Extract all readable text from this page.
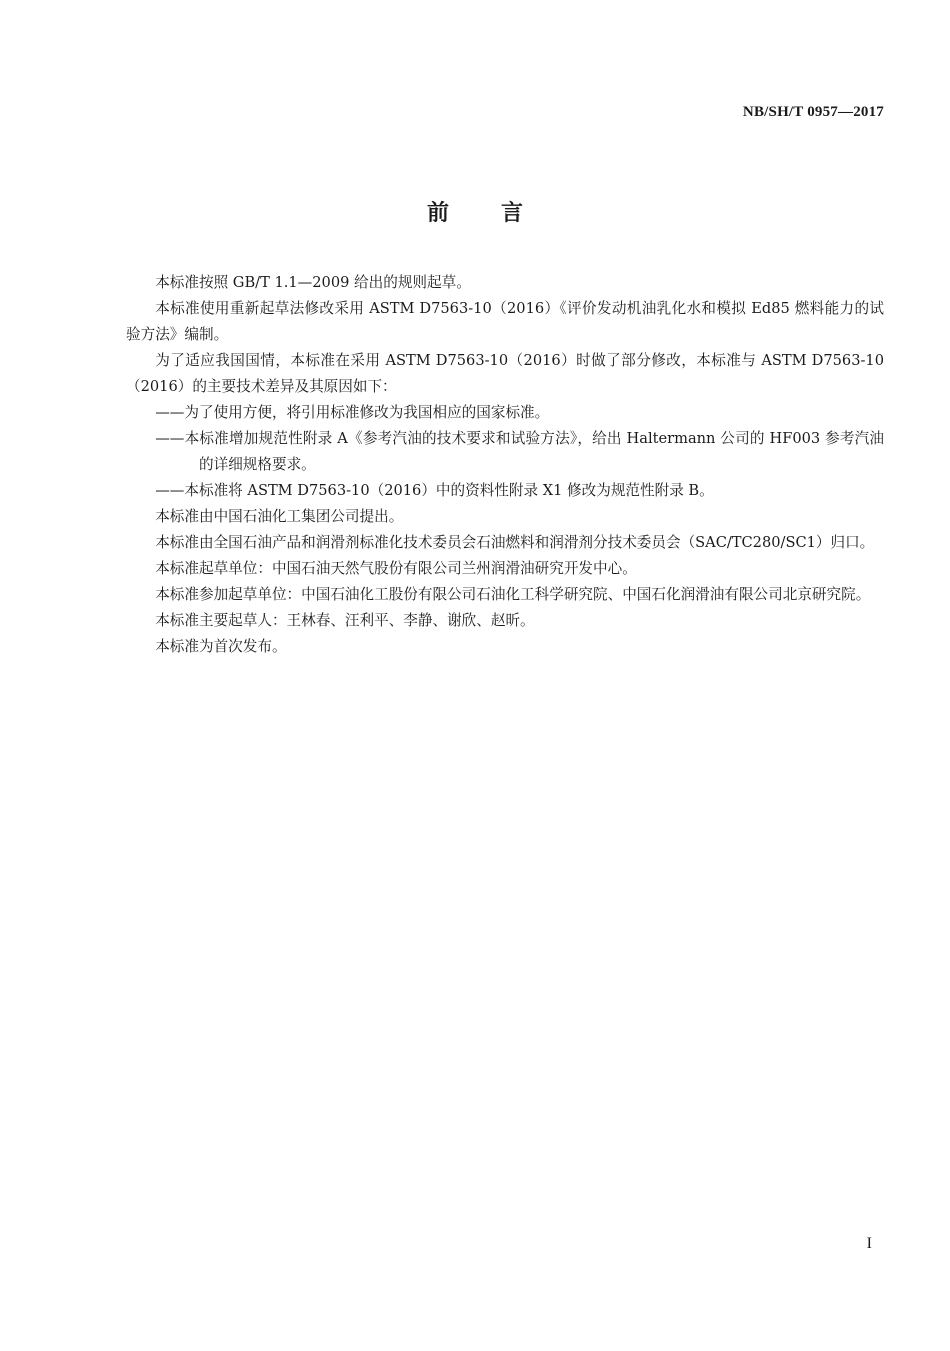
NB/SH/T 0957—2017
前言

本标准按照 GB/T 1.1—2009 给出的规则起草。

本标准使用重新起草法修改采用 ASTM D7563-10（2016）《评价发动机油乳化水和模拟 Ed85 燃料能力的试验方法》编制。

为了适应我国国情，本标准在采用 ASTM D7563-10（2016）时做了部分修改，本标准与 ASTM D7563-10（2016）的主要技术差异及其原因如下：

——为了使用方便，将引用标准修改为我国相应的国家标准。

——本标准增加规范性附录 A《参考汽油的技术要求和试验方法》，给出 Haltermann 公司的 HF003 参考汽油的详细规格要求。

——本标准将 ASTM D7563-10（2016）中的资料性附录 X1 修改为规范性附录 B。

本标准由中国石油化工集团公司提出。

本标准由全国石油产品和润滑剂标准化技术委员会石油燃料和润滑剂分技术委员会（SAC/TC280/SC1）归口。

本标准起草单位：中国石油天然气股份有限公司兰州润滑油研究开发中心。

本标准参加起草单位：中国石油化工股份有限公司石油化工科学研究院、中国石化润滑油有限公司北京研究院。

本标准主要起草人：王林春、汪利平、李静、谢欣、赵昕。

本标准为首次发布。

I
